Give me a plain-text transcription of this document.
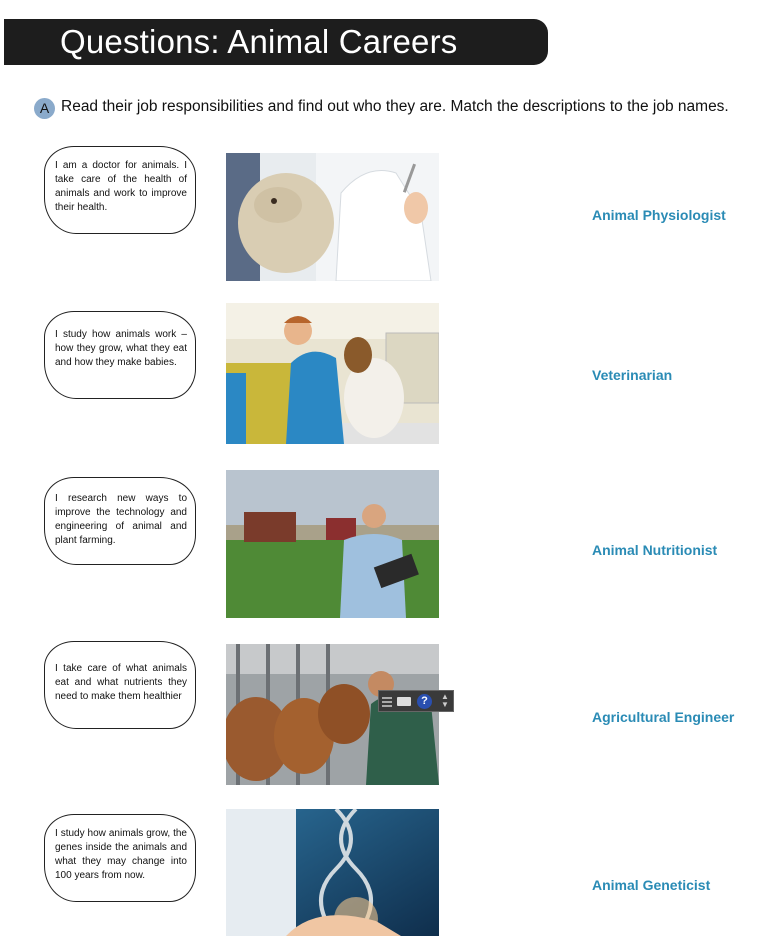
Questions: Animal Careers
A Read their job responsibilities and find out who they are. Match the descriptions to the job names.
I am a doctor for animals. I take care of the health of animals and work to improve their health.	Animal Physiologist
I study how animals work – how they grow, what they eat and how they make babies.
Veterinarian
I research new ways to improve the technology and engineering of animal and plant farming.
Animal Nutritionist
I take care of what animals eat and what nutrients they need to make them healthier
Agricultural Engineer
I study how animals grow, the genes inside the animals and what they may change into 100 years from now.
Animal Geneticist
?	▲
▼
